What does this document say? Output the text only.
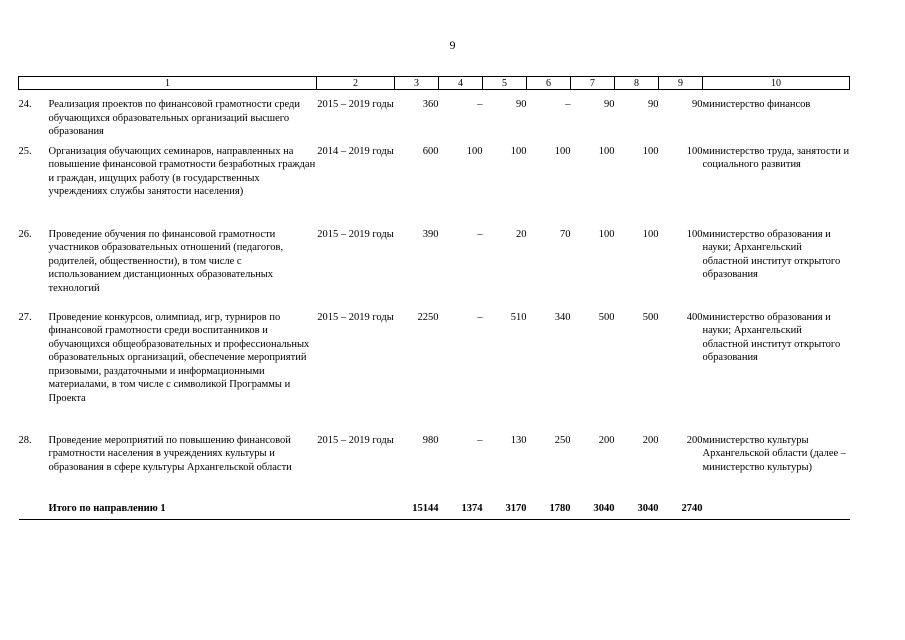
9
1		2	3	4	5	6	7	8	9	10
24.	Реализация проектов по финансовой грамотности среди обучающихся образовательных организаций высшего образования	2015 – 2019 годы	360	–	90	–	90	90	90	министерство финансов
25.	Организация обучающих семинаров, направленных на повышение финансовой грамотности безработных граждан и граждан, ищущих работу (в государственных учреждениях службы занятости населения)	2014 – 2019 годы	600	100	100	100	100	100	100	министерство труда, занятости и социального развития
26.	Проведение обучения по финансовой грамотности участников образовательных отношений (педагогов, родителей, общественности), в том числе с использованием дистанционных образовательных технологий	2015 – 2019 годы	390	–	20	70	100	100	100	министерство образования и науки; Архангельский областной институт открытого образования
27.	Проведение конкурсов, олимпиад, игр, турниров по финансовой грамотности среди воспитанников и обучающихся общеобразовательных и профессиональных образовательных организаций, обеспечение мероприятий призовыми, раздаточными и информационными материалами, в том числе с символикой Программы и Проекта	2015 – 2019 годы	2250	–	510	340	500	500	400	министерство образования и науки; Архангельский областной институт открытого образования
28.	Проведение мероприятий по повышению финансовой грамотности населения в учреждениях культуры и образования в сфере культуры Архангельской области	2015 – 2019 годы	980	–	130	250	200	200	200	министерство культуры Архангельской области (далее – министерство культуры)
	Итого по направлению 1		15144	1374	3170	1780	3040	3040	2740	
